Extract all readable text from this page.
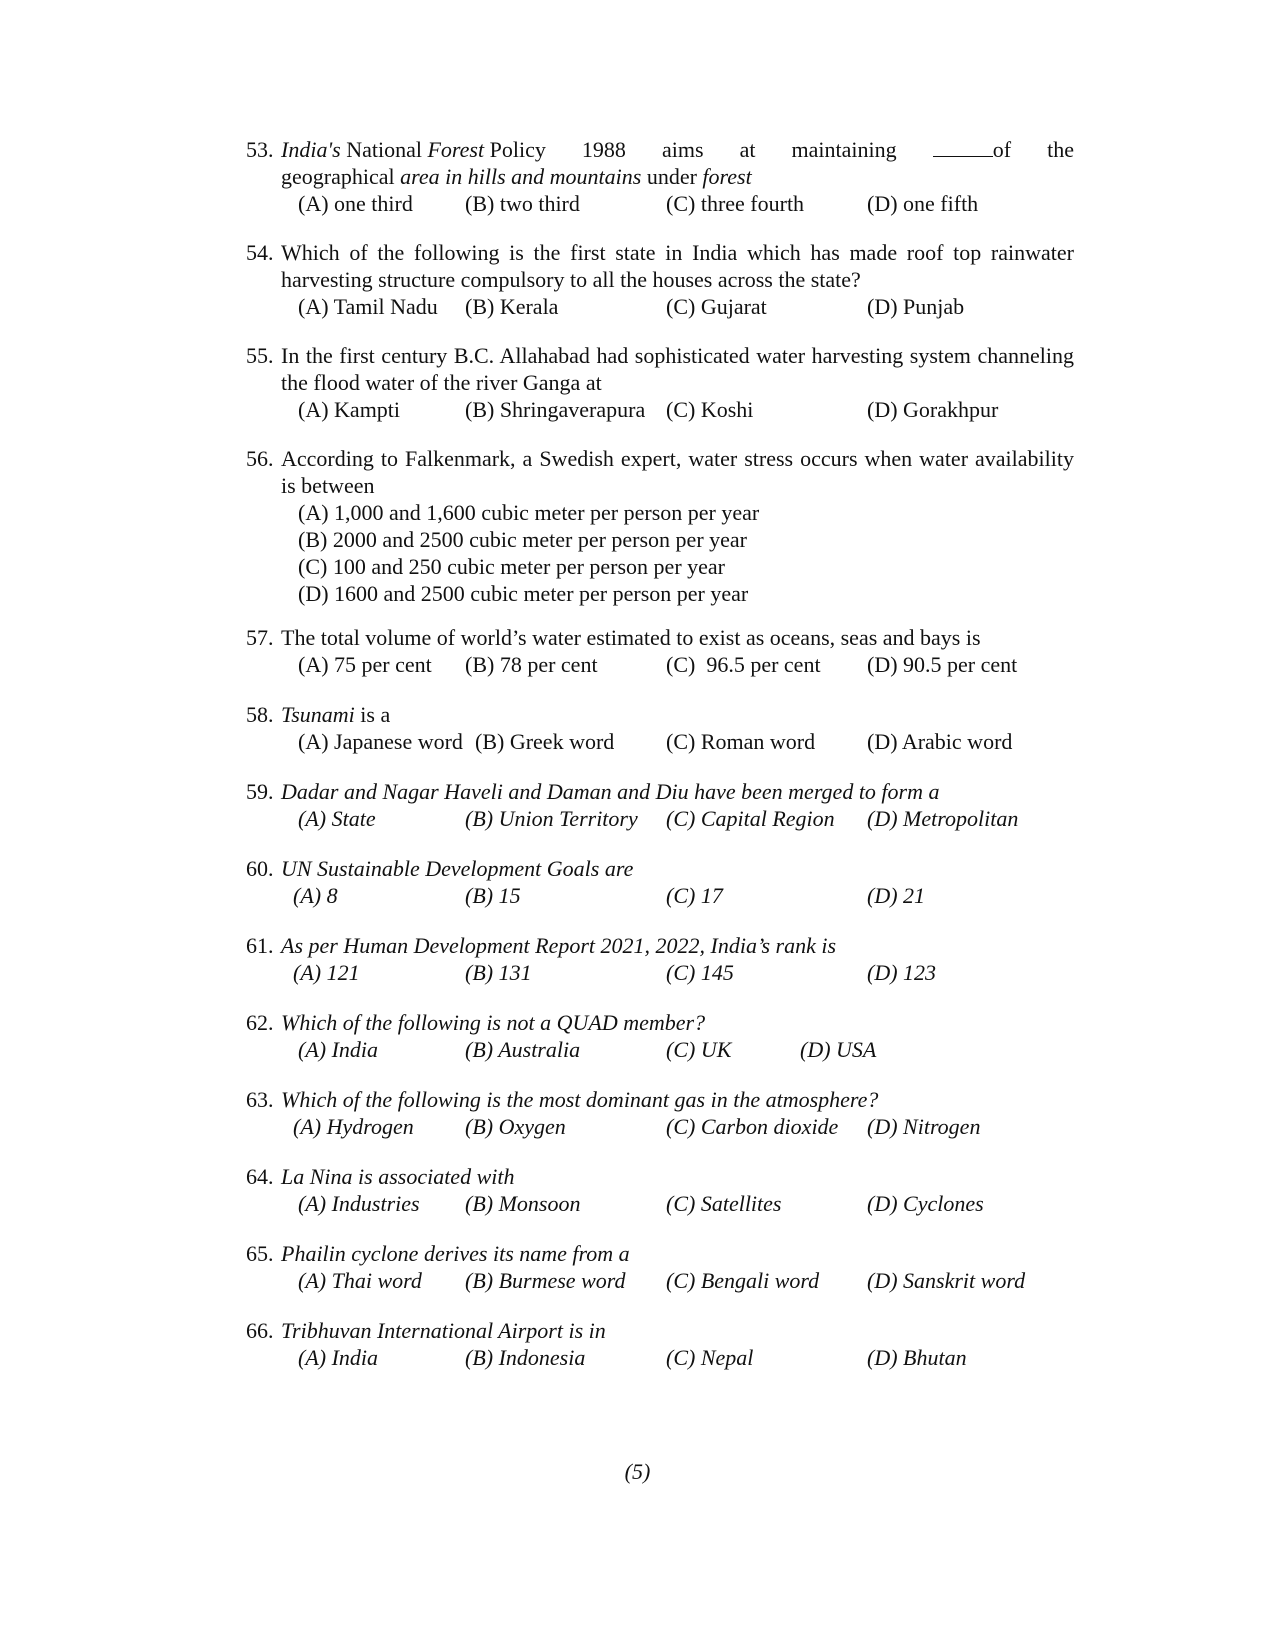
53. India's National Forest Policy 1988 aims at maintaining	of the
geographical area in hills and mountains under forest
(A) one third (B) two third	(C) three fourth	(D) one fifth
54. Which of the following is the first state in India which has made roof top rainwater harvesting structure compulsory to all the houses across the state?
(A) Tamil Nadu (B) Kerala	(C) Gujarat	(D) Punjab
55. In the first century B.C. Allahabad had sophisticated water harvesting system channeling the flood water of the river Ganga at
(A) Kampti	(B) Shringaverapura (C) Koshi	(D) Gorakhpur
56. According to Falkenmark, a Swedish expert, water stress occurs when water availability is between
(A) 1,000 and 1,600 cubic meter per person per year
(B) 2000 and 2500 cubic meter per person per year
(C) 100 and 250 cubic meter per person per year
(D) 1600 and 2500 cubic meter per person per year
57. The total volume of world’s water estimated to exist as oceans, seas and bays is
(A) 75 per cent (B) 78 per cent	(C)  96.5 per cent (D) 90.5 per cent
58. Tsunami is a
(A) Japanese word (B) Greek word (C) Roman word (D) Arabic word
59. Dadar and Nagar Haveli and Daman and Diu have been merged to form a
(A) State	(B) Union Territory (C) Capital Region (D) Metropolitan
60. UN Sustainable Development Goals are
(A) 8	(B) 15	(C) 17	(D) 21
61. As per Human Development Report 2021, 2022, India’s rank is
(A) 121	(B) 131	(C) 145	(D) 123
62. Which of the following is not a QUAD member?
(A) India	(B) Australia	(C) UK	(D) USA
63. Which of the following is the most dominant gas in the atmosphere?
(A) Hydrogen (B) Oxygen	(C) Carbon dioxide (D) Nitrogen
64. La Nina is associated with
(A) Industries (B) Monsoon	(C) Satellites	(D) Cyclones
65. Phailin cyclone derives its name from a
(A) Thai word (B) Burmese word (C) Bengali word (D) Sanskrit word
66. Tribhuvan International Airport is in
(A) India	(B) Indonesia	(C) Nepal	(D) Bhutan
(5)
